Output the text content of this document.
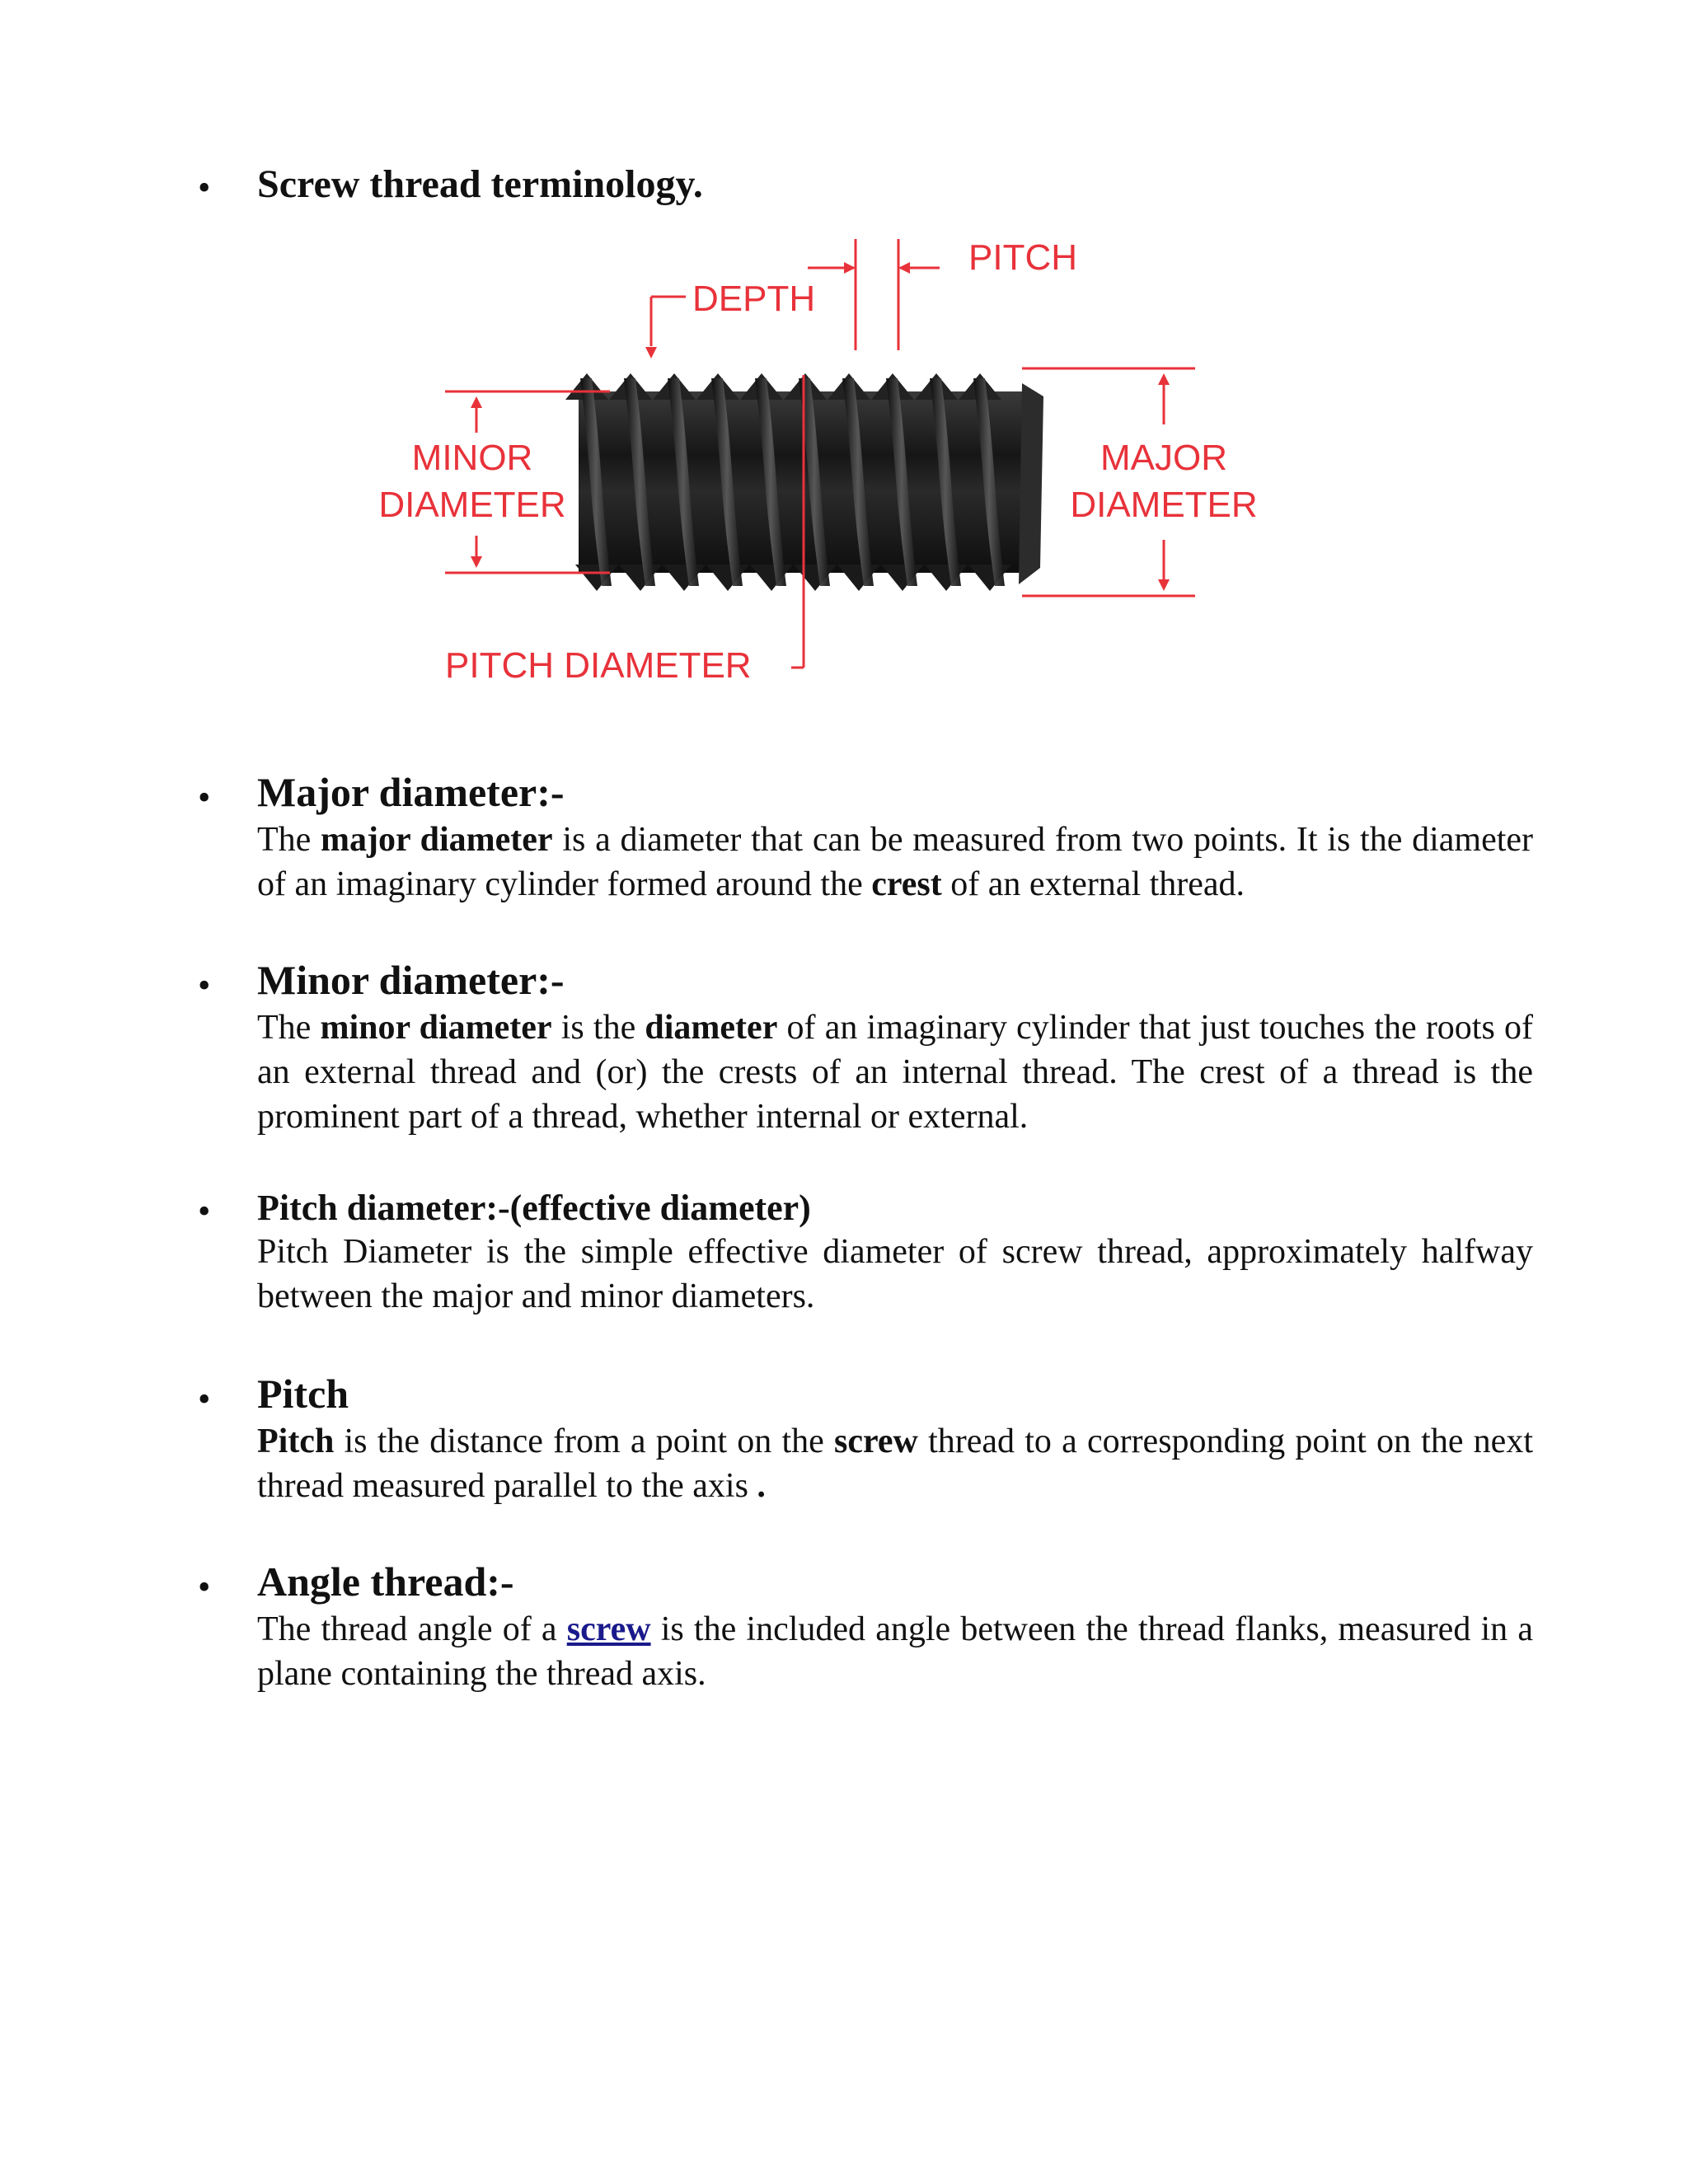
• Screw thread terminology.
PITCH
DEPTH
MINOR
DIAMETER
MAJOR
DIAMETER
PITCH DIAMETER
• Major diameter:-
The major diameter is a diameter that can be measured from two points. It is the diameter of an imaginary cylinder formed around the crest of an external thread.
• Minor diameter:-
The minor diameter is the diameter of an imaginary cylinder that just touches the roots of an external thread and (or) the crests of an internal thread. The crest of a thread is the prominent part of a thread, whether internal or external.
• Pitch diameter:-(effective diameter)
Pitch Diameter is the simple effective diameter of screw thread, approximately halfway between the major and minor diameters.
• Pitch
Pitch is the distance from a point on the screw thread to a corresponding point on the next thread measured parallel to the axis .
• Angle thread:-
The thread angle of a screw is the included angle between the thread flanks, measured in a plane containing the thread axis.
